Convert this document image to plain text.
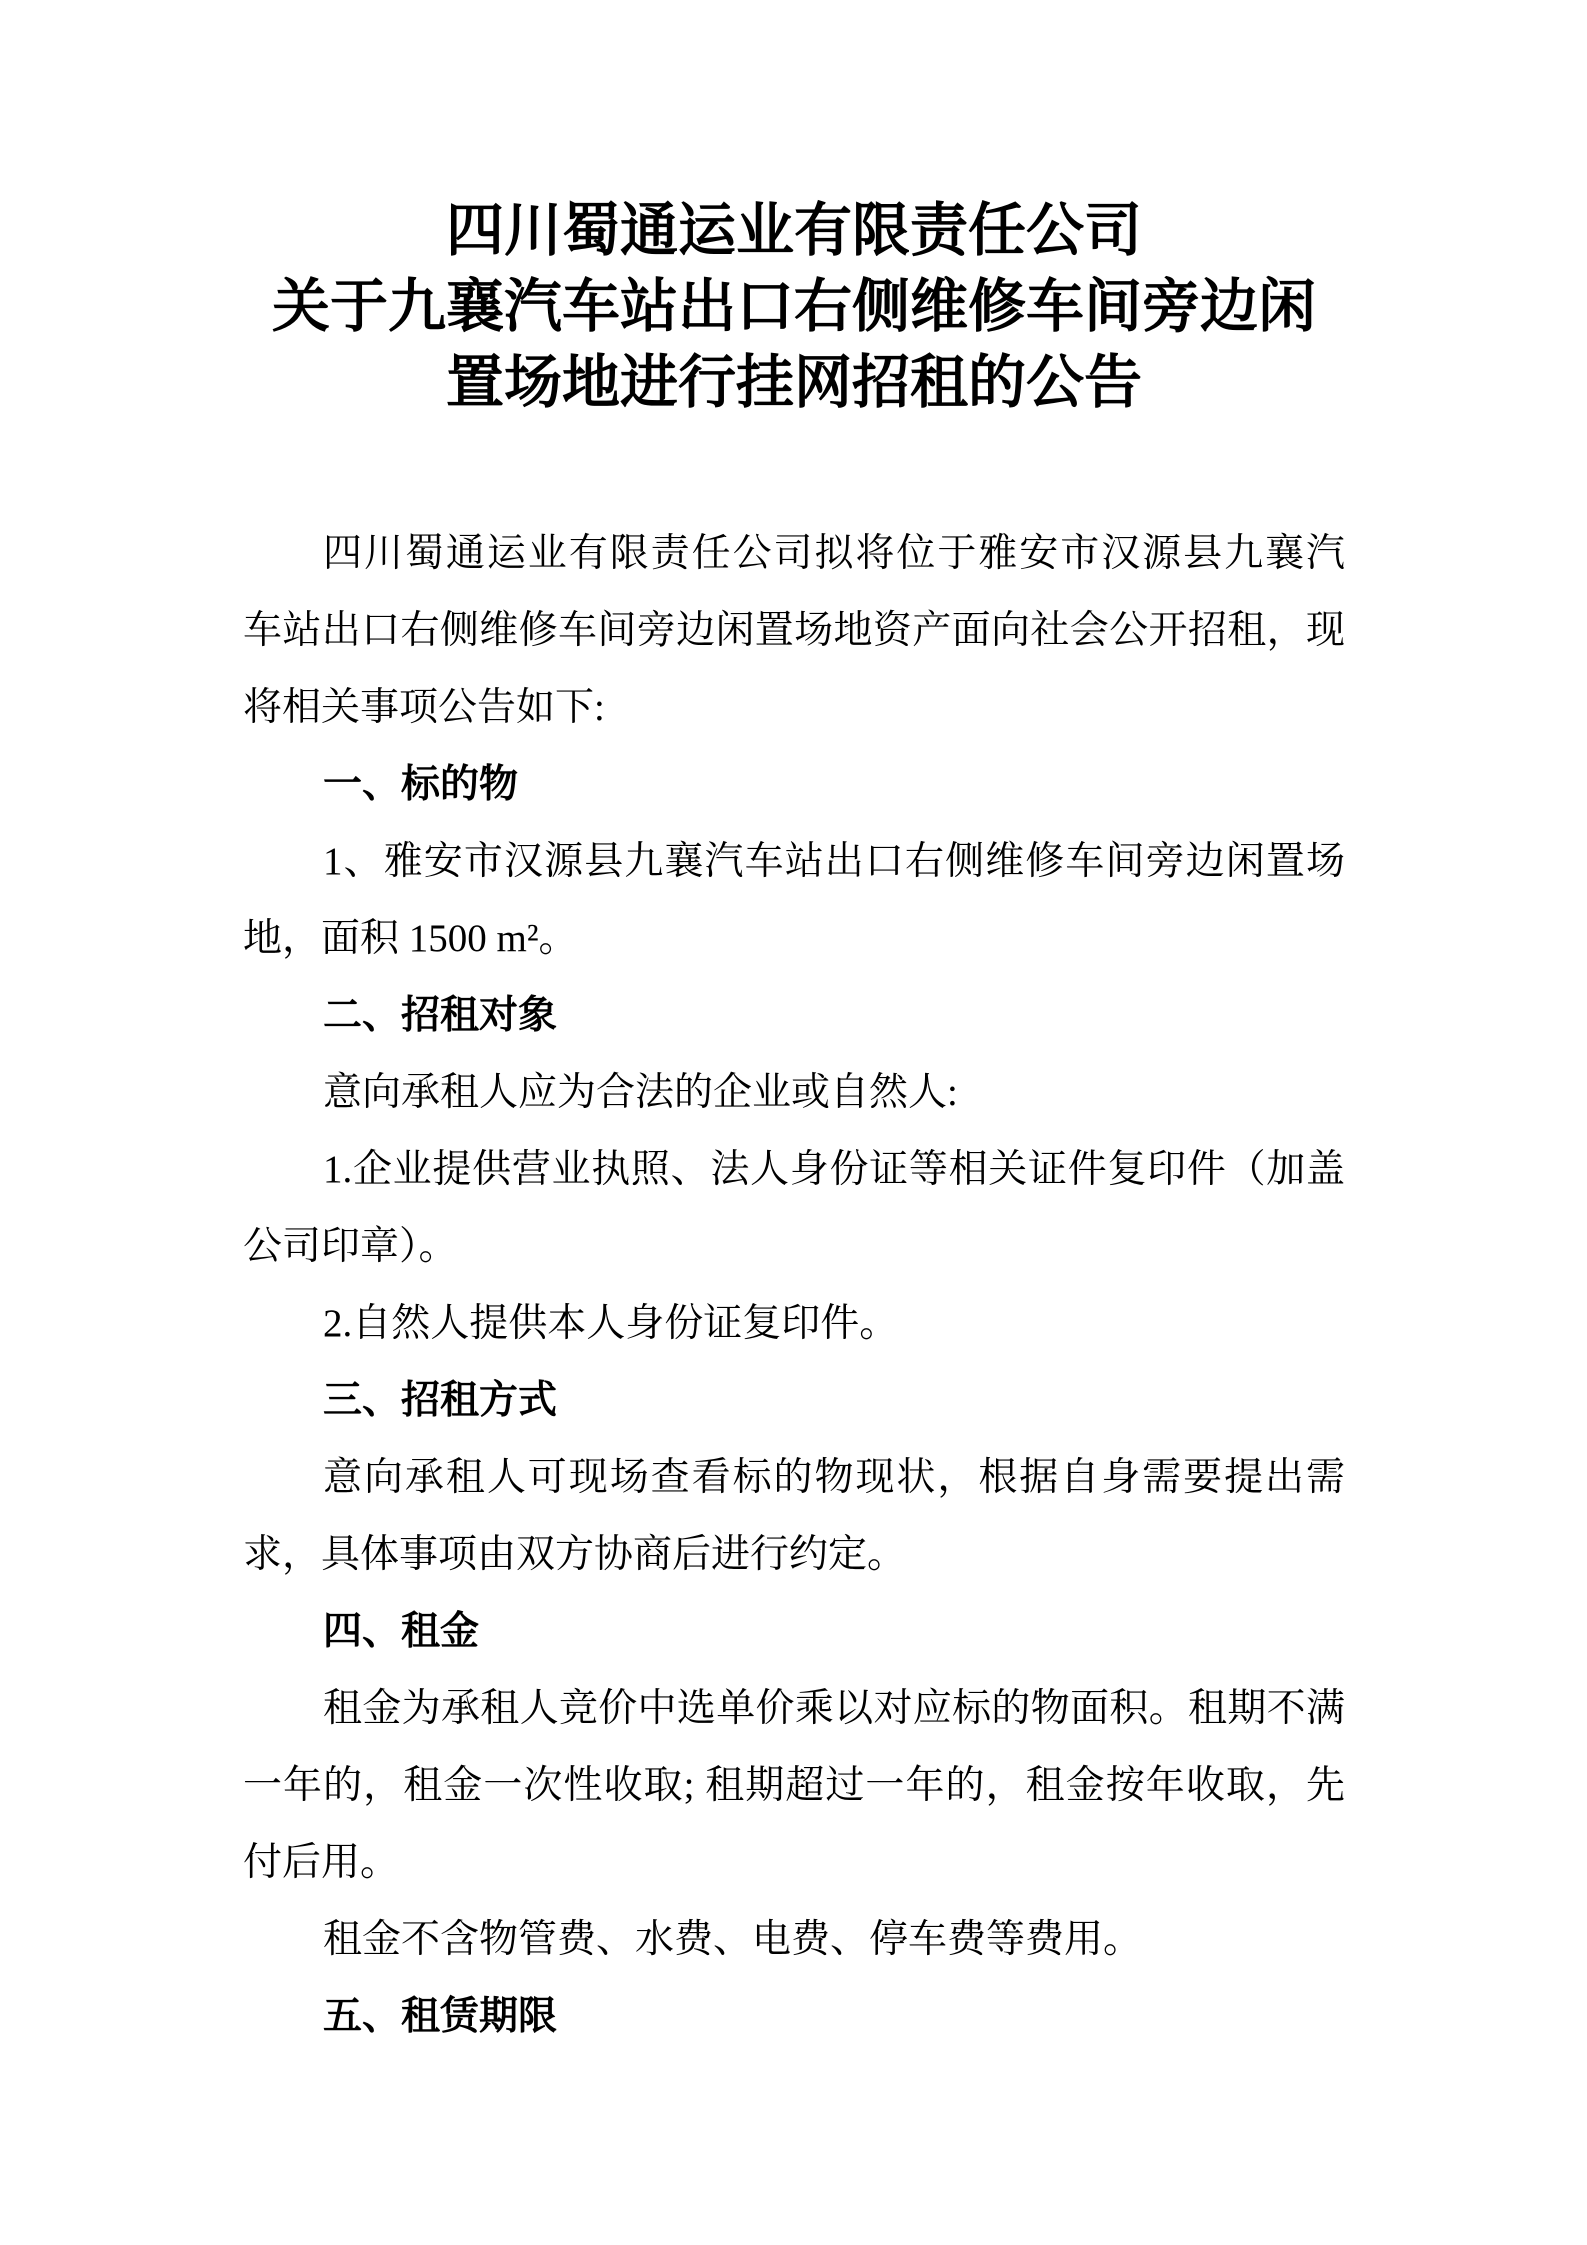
四川蜀通运业有限责任公司
关于九襄汽车站出口右侧维修车间旁边闲
置场地进行挂网招租的公告
四川蜀通运业有限责任公司拟将位于雅安市汉源县九襄汽
车站出口右侧维修车间旁边闲置场地资产面向社会公开招租，现
将相关事项公告如下:
一、标的物
1、雅安市汉源县九襄汽车站出口右侧维修车间旁边闲置场
地，面积 1500 m²。
二、招租对象
意向承租人应为合法的企业或自然人:
1.企业提供营业执照、法人身份证等相关证件复印件（加盖
公司印章）。
2.自然人提供本人身份证复印件。
三、招租方式
意向承租人可现场查看标的物现状，根据自身需要提出需
求，具体事项由双方协商后进行约定。
四、租金
租金为承租人竞价中选单价乘以对应标的物面积。租期不满
一年的，租金一次性收取; 租期超过一年的，租金按年收取，先
付后用。
租金不含物管费、水费、电费、停车费等费用。
五、租赁期限
